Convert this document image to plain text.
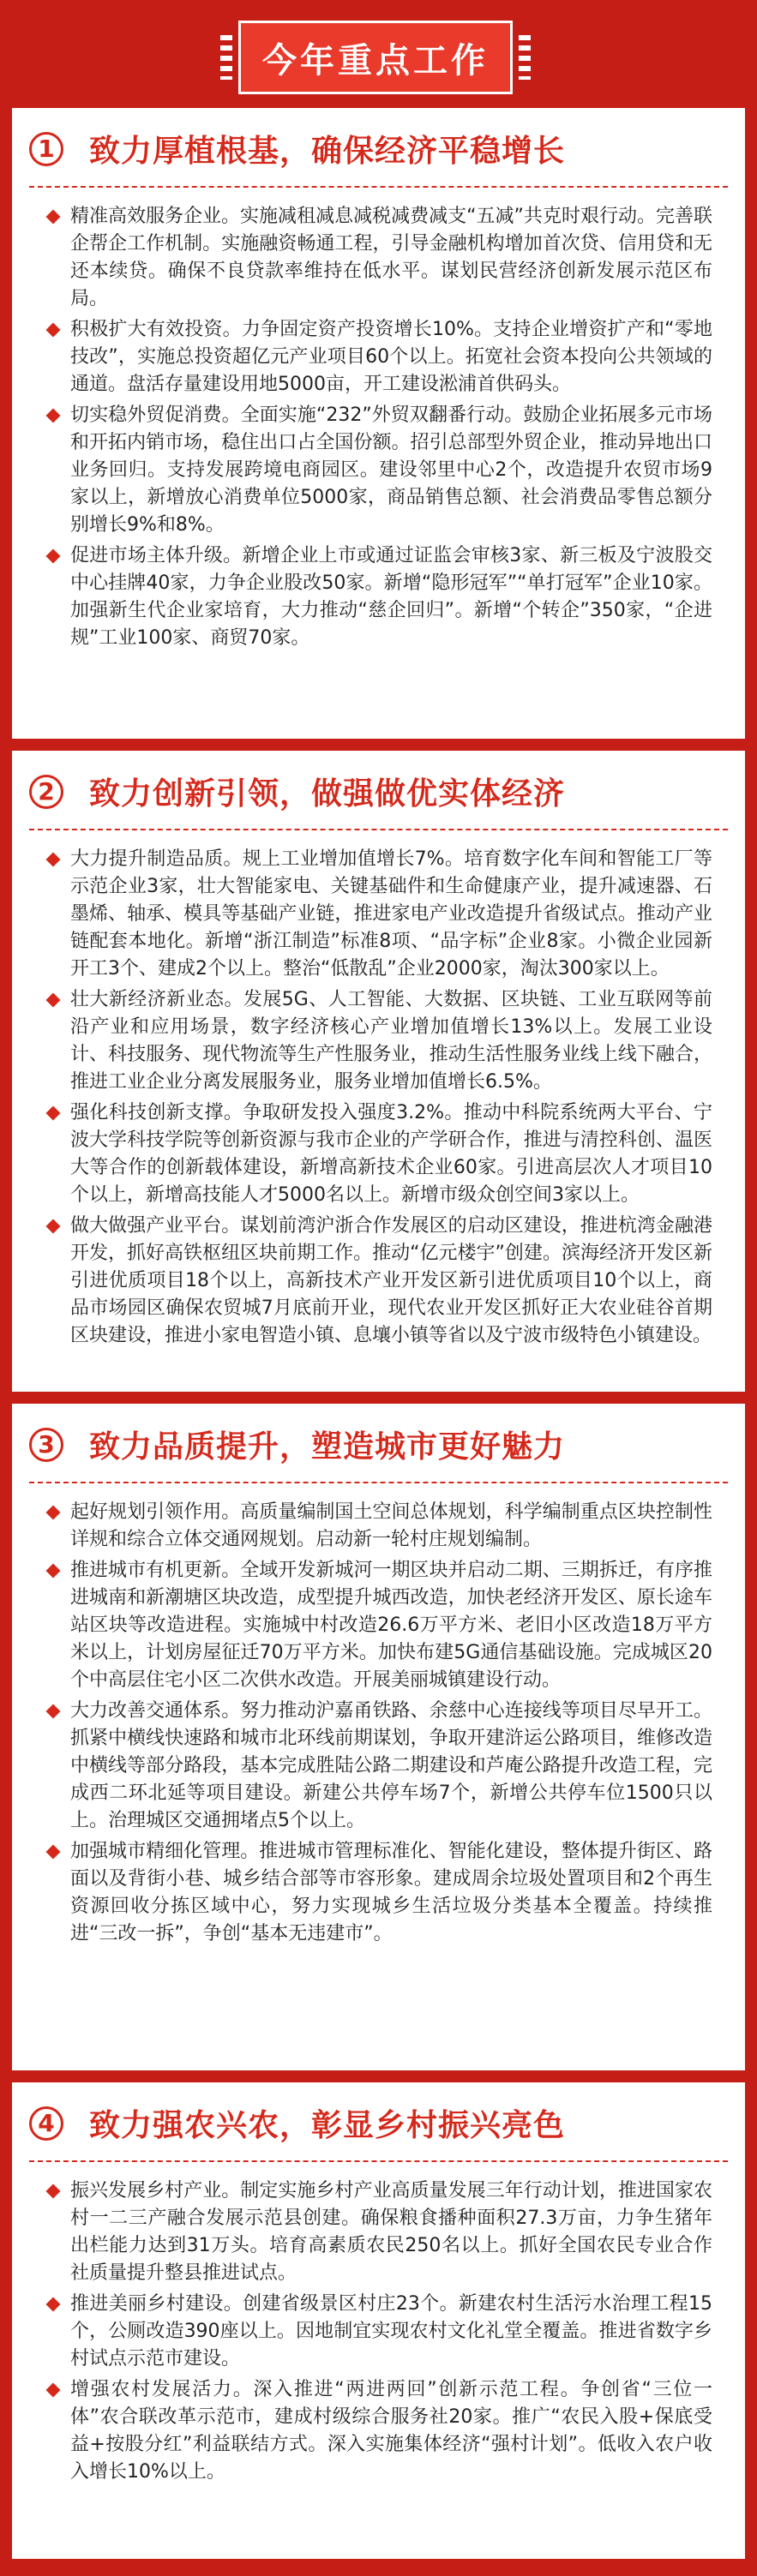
今年重点工作
1 致力厚植根基，确保经济平稳增长
精准高效服务企业。实施减租减息减税减费减支“五减”共克时艰行动。完善联企帮企工作机制。实施融资畅通工程，引导金融机构增加首次贷、信用贷和无还本续贷。确保不良贷款率维持在低水平。谋划民营经济创新发展示范区布局。
积极扩大有效投资。力争固定资产投资增长10%。支持企业增资扩产和“零地技改”，实施总投资超亿元产业项目60个以上。拓宽社会资本投向公共领域的通道。盘活存量建设用地5000亩，开工建设淞浦首供码头。
切实稳外贸促消费。全面实施“232”外贸双翻番行动。鼓励企业拓展多元市场和开拓内销市场，稳住出口占全国份额。招引总部型外贸企业，推动异地出口业务回归。支持发展跨境电商园区。建设邻里中心2个，改造提升农贸市场9家以上，新增放心消费单位5000家，商品销售总额、社会消费品零售总额分别增长9%和8%。
促进市场主体升级。新增企业上市或通过证监会审核3家、新三板及宁波股交中心挂牌40家，力争企业股改50家。新增“隐形冠军”“单打冠军”企业10家。加强新生代企业家培育，大力推动“慈企回归”。新增“个转企”350家，“企进规”工业100家、商贸70家。
2 致力创新引领，做强做优实体经济
大力提升制造品质。规上工业增加值增长7%。培育数字化车间和智能工厂等示范企业3家，壮大智能家电、关键基础件和生命健康产业，提升减速器、石墨烯、轴承、模具等基础产业链，推进家电产业改造提升省级试点。推动产业链配套本地化。新增“浙江制造”标准8项、“品字标”企业8家。小微企业园新开工3个、建成2个以上。整治“低散乱”企业2000家，淘汰300家以上。
壮大新经济新业态。发展5G、人工智能、大数据、区块链、工业互联网等前沿产业和应用场景，数字经济核心产业增加值增长13%以上。发展工业设计、科技服务、现代物流等生产性服务业，推动生活性服务业线上线下融合，推进工业企业分离发展服务业，服务业增加值增长6.5%。
强化科技创新支撑。争取研发投入强度3.2%。推动中科院系统两大平台、宁波大学科技学院等创新资源与我市企业的产学研合作，推进与清控科创、温医大等合作的创新载体建设，新增高新技术企业60家。引进高层次人才项目10个以上，新增高技能人才5000名以上。新增市级众创空间3家以上。
做大做强产业平台。谋划前湾沪浙合作发展区的启动区建设，推进杭湾金融港开发，抓好高铁枢纽区块前期工作。推动“亿元楼宇”创建。滨海经济开发区新引进优质项目18个以上，高新技术产业开发区新引进优质项目10个以上，商品市场园区确保农贸城7月底前开业，现代农业开发区抓好正大农业硅谷首期区块建设，推进小家电智造小镇、息壤小镇等省以及宁波市级特色小镇建设。
3 致力品质提升，塑造城市更好魅力
起好规划引领作用。高质量编制国土空间总体规划，科学编制重点区块控制性详规和综合立体交通网规划。启动新一轮村庄规划编制。
推进城市有机更新。全域开发新城河一期区块并启动二期、三期拆迁，有序推进城南和新潮塘区块改造，成型提升城西改造，加快老经济开发区、原长途车站区块等改造进程。实施城中村改造26.6万平方米、老旧小区改造18万平方米以上，计划房屋征迁70万平方米。加快布建5G通信基础设施。完成城区20个中高层住宅小区二次供水改造。开展美丽城镇建设行动。
大力改善交通体系。努力推动沪嘉甬铁路、余慈中心连接线等项目尽早开工。抓紧中横线快速路和城市北环线前期谋划，争取开建浒运公路项目，维修改造中横线等部分路段，基本完成胜陆公路二期建设和芦庵公路提升改造工程，完成西二环北延等项目建设。新建公共停车场7个，新增公共停车位1500只以上。治理城区交通拥堵点5个以上。
加强城市精细化管理。推进城市管理标准化、智能化建设，整体提升街区、路面以及背街小巷、城乡结合部等市容形象。建成周余垃圾处置项目和2个再生资源回收分拣区域中心，努力实现城乡生活垃圾分类基本全覆盖。持续推进“三改一拆”，争创“基本无违建市”。
4 致力强农兴农，彰显乡村振兴亮色
振兴发展乡村产业。制定实施乡村产业高质量发展三年行动计划，推进国家农村一二三产融合发展示范县创建。确保粮食播种面积27.3万亩，力争生猪年出栏能力达到31万头。培育高素质农民250名以上。抓好全国农民专业合作社质量提升整县推进试点。
推进美丽乡村建设。创建省级景区村庄23个。新建农村生活污水治理工程15个，公厕改造390座以上。因地制宜实现农村文化礼堂全覆盖。推进省数字乡村试点示范市建设。
增强农村发展活力。深入推进“两进两回”创新示范工程。争创省“三位一体”农合联改革示范市，建成村级综合服务社20家。推广“农民入股+保底受益+按股分红”利益联结方式。深入实施集体经济“强村计划”。低收入农户收入增长10%以上。
